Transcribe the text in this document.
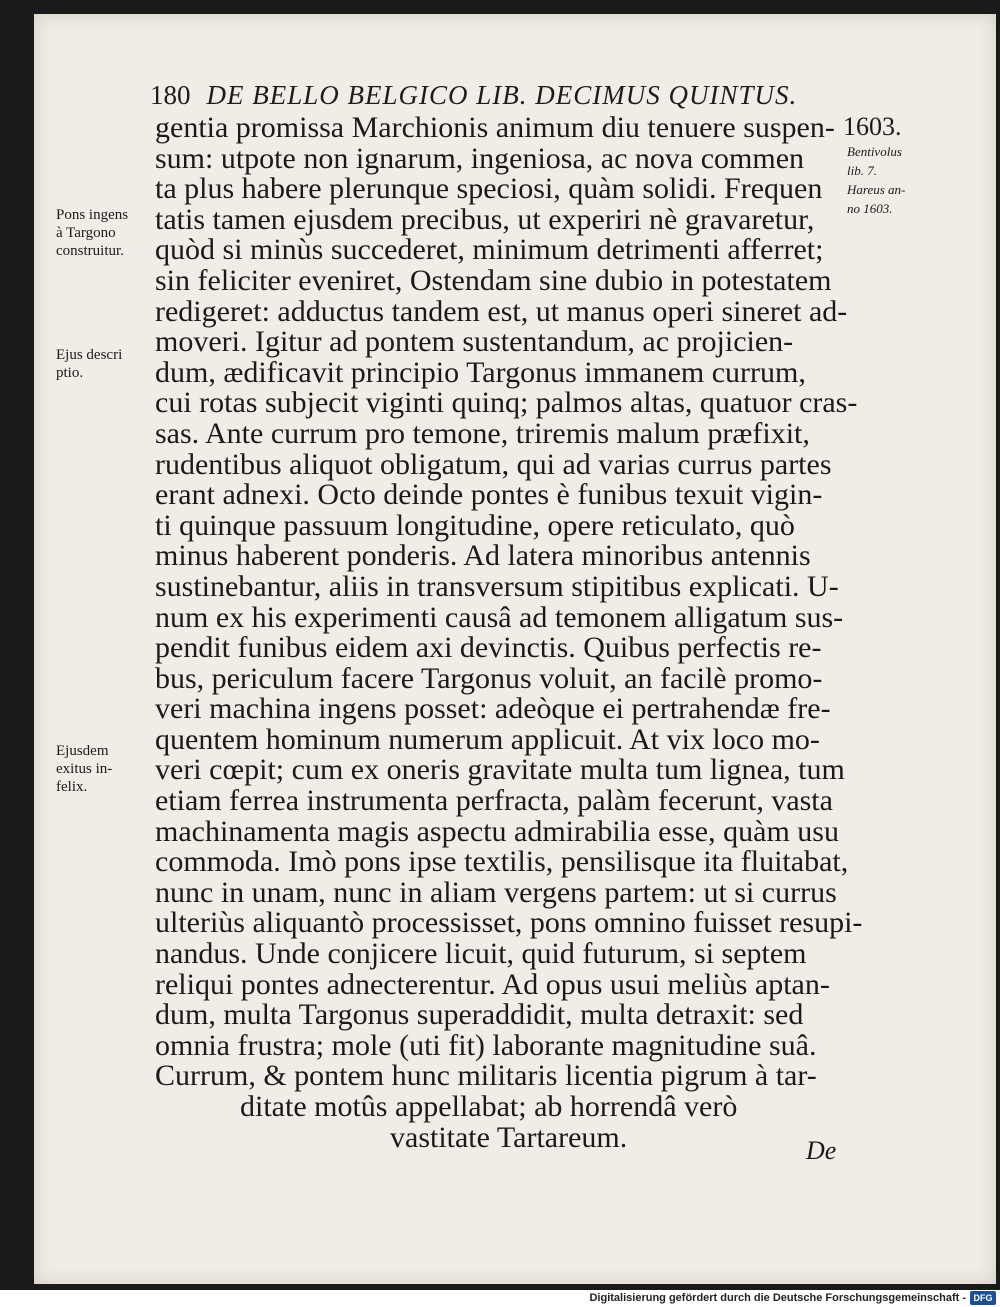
180 DE BELLO BELGICO LIB. DECIMUS QUINTUS.
gentia promissa Marchionis animum diu tenuere suspen-
sum: utpote non ignarum, ingeniosa, ac nova commen
ta plus habere plerunque speciosi, quàm solidi. Frequen
tatis tamen ejusdem precibus, ut experiri nè gravaretur,
quòd si minùs succederet, minimum detrimenti afferret;
sin feliciter eveniret, Ostendam sine dubio in potestatem
redigeret: adductus tandem est, ut manus operi sineret ad-
moveri. Igitur ad pontem sustentandum, ac projicien-
dum, ædificavit principio Targonus immanem currum,
cui rotas subjecit viginti quinq; palmos altas, quatuor cras-
sas. Ante currum pro temone, triremis malum præfixit,
rudentibus aliquot obligatum, qui ad varias currus partes
erant adnexi. Octo deinde pontes è funibus texuit vigin-
ti quinque passuum longitudine, opere reticulato, quò
minus haberent ponderis. Ad latera minoribus antennis
sustinebantur, aliis in transversum stipitibus explicati. U-
num ex his experimenti causâ ad temonem alligatum sus-
pendit funibus eidem axi devinctis. Quibus perfectis re-
bus, periculum facere Targonus voluit, an facilè promo-
veri machina ingens posset: adeòque ei pertrahendæ fre-
quentem hominum numerum applicuit. At vix loco mo-
veri cœpit; cum ex oneris gravitate multa tum lignea, tum
etiam ferrea instrumenta perfracta, palàm fecerunt, vasta
machinamenta magis aspectu admirabilia esse, quàm usu
commoda. Imò pons ipse textilis, pensilisque ita fluitabat,
nunc in unam, nunc in aliam vergens partem: ut si currus
ulteriùs aliquantò processisset, pons omnino fuisset resupi-
nandus. Unde conjicere licuit, quid futurum, si septem
reliqui pontes adnecterentur. Ad opus usui meliùs aptan-
dum, multa Targonus superaddidit, multa detraxit: sed
omnia frustra; mole (uti fit) laborante magnitudine suâ.
Currum, & pontem hunc militaris licentia pigrum à tar-
ditate motûs appellabat; ab horrendâ verò
vastitate Tartareum.
Pons ingens
à Targono
construitur.
Ejus descri
ptio.
Ejusdem
exitus in-
felix.
1603.
Bentivolus
lib. 7.
Hareus an-
no 1603.
De
Digitalisierung gefördert durch die Deutsche Forschungsgemeinschaft - DFG
